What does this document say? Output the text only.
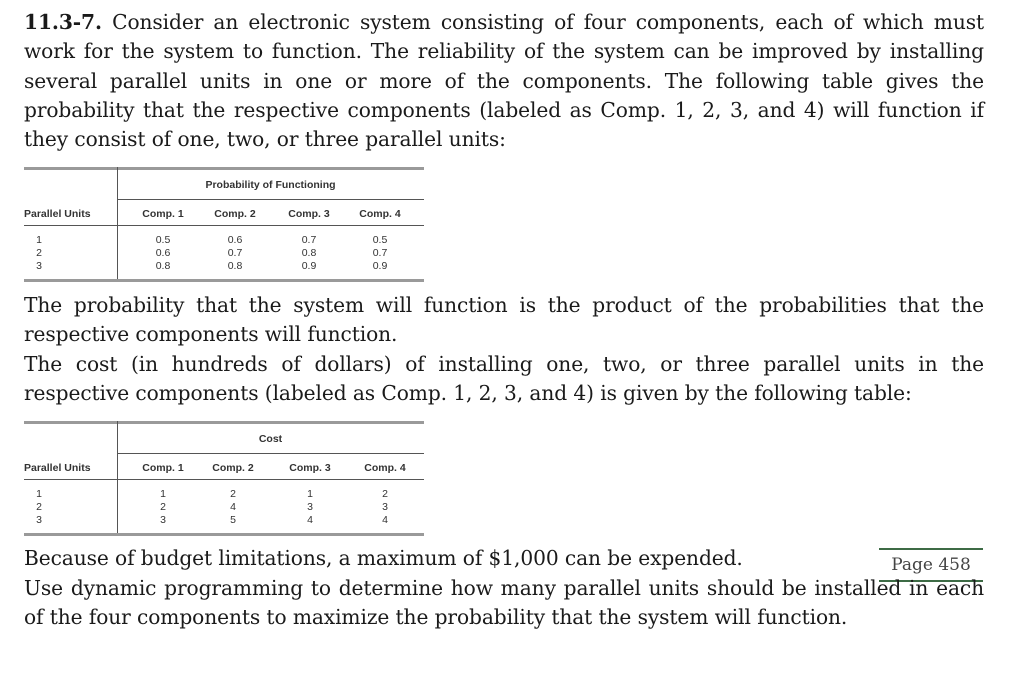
11.3-7. Consider an electronic system consisting of four components, each of which must work for the system to function. The reliability of the system can be improved by installing several parallel units in one or more of the components. The following table gives the probability that the respective components (labeled as Comp. 1, 2, 3, and 4) will function if they consist of one, two, or three parallel units:
Probability of Functioning
Parallel Units	Comp. 1	Comp. 2	Comp. 3	Comp. 4
1	0.5	0.6	0.7	0.5
2	0.6	0.7	0.8	0.7
3	0.8	0.8	0.9	0.9
The probability that the system will function is the product of the probabilities that the respective components will function.
The cost (in hundreds of dollars) of installing one, two, or three parallel units in the respective components (labeled as Comp. 1, 2, 3, and 4) is given by the following table:
Cost
Parallel Units	Comp. 1	Comp. 2	Comp. 3	Comp. 4
1	1	2	1	2
2	2	4	3	3
3	3	5	4	4
Because of budget limitations, a maximum of $1,000 can be expended.	Page 458
Use dynamic programming to determine how many parallel units should be installed in each of the four components to maximize the probability that the system will function.
